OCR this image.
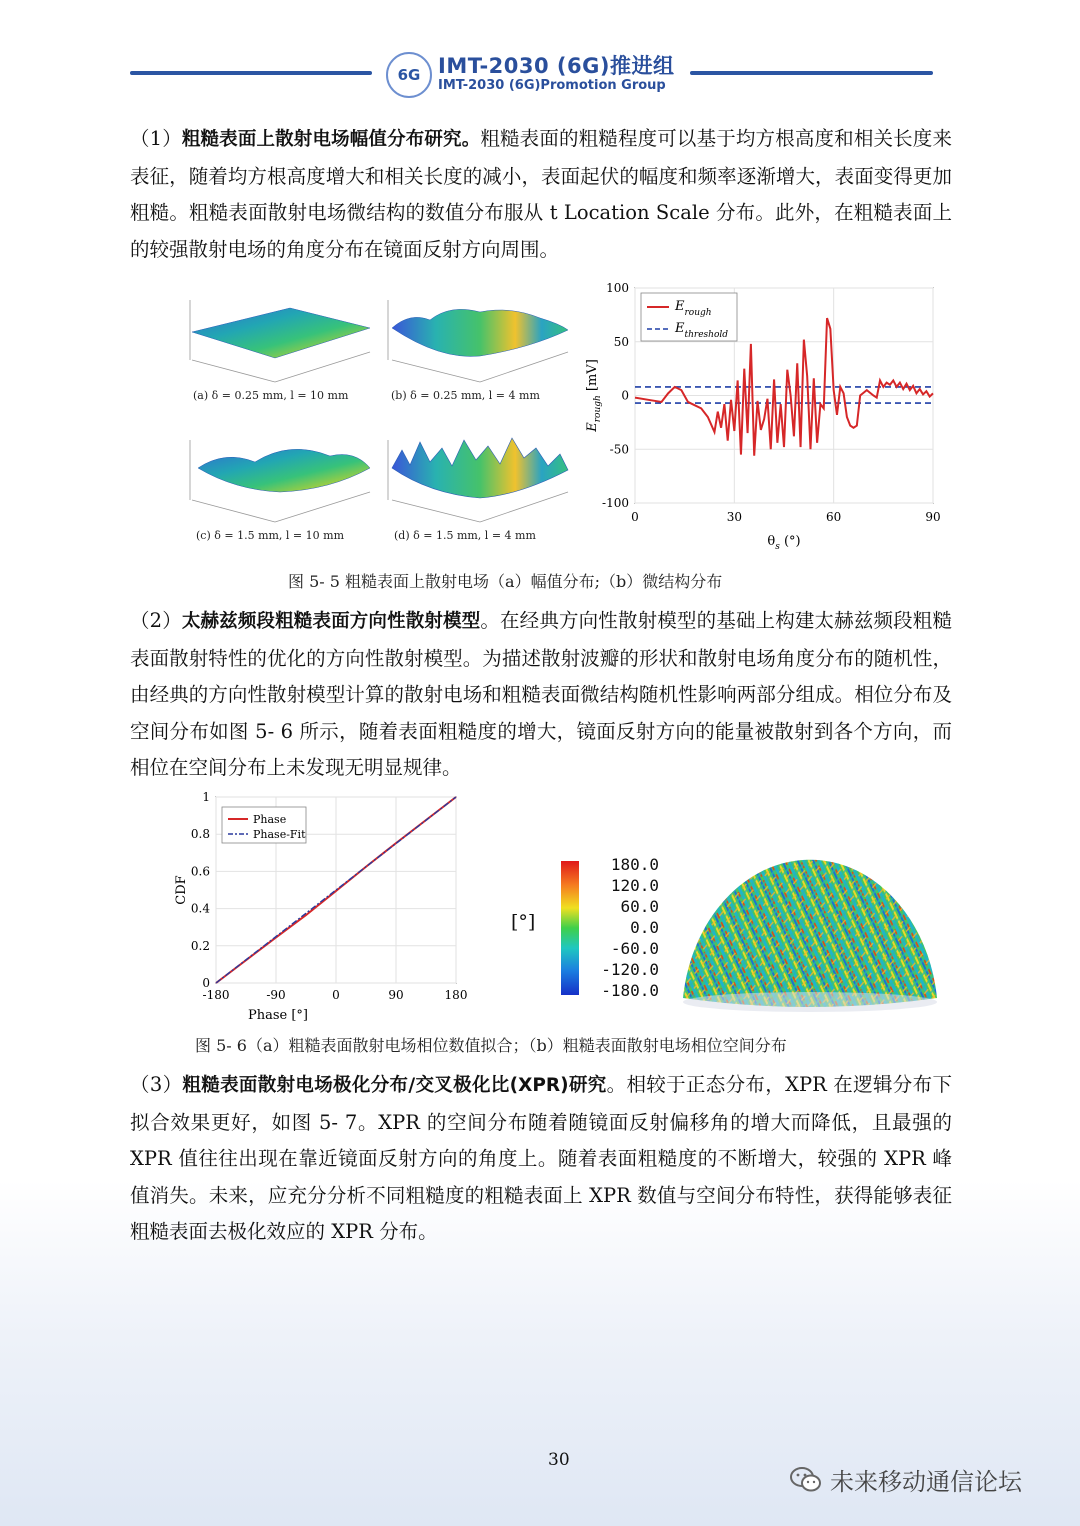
6G IMT-2030 (6G)推进组
IMT-2030 (6G)Promotion Group
（1）粗糙表面上散射电场幅值分布研究。粗糙表面的粗糙程度可以基于均方根高度和相关长度来表征，随着均方根高度增大和相关长度的减小，表面起伏的幅度和频率逐渐增大，表面变得更加粗糙。粗糙表面散射电场微结构的数值分布服从 t Location Scale 分布。此外，在粗糙表面上的较强散射电场的角度分布在镜面反射方向周围。
(a) δ = 0.25 mm, l = 10 mm	(b) δ = 0.25 mm, l = 4 mm
(c) δ = 1.5 mm, l = 10 mm	(d) δ = 1.5 mm, l = 4 mm
0	30	60	90
-100
-50
0
50
100
$E_{rough}$
$E_{threshold}$
$\theta_s$ (°)
$E_{rough}$ [mV]
图 5- 5 粗糙表面上散射电场（a）幅值分布;（b）微结构分布
（2）太赫兹频段粗糙表面方向性散射模型。在经典方向性散射模型的基础上构建太赫兹频段粗糙表面散射特性的优化的方向性散射模型。为描述散射波瓣的形状和散射电场角度分布的随机性，由经典的方向性散射模型计算的散射电场和粗糙表面微结构随机性影响两部分组成。相位分布及空间分布如图 5- 6 所示，随着表面粗糙度的增大，镜面反射方向的能量被散射到各个方向，而相位在空间分布上未发现无明显规律。
-180	-90	0	90	180
0
0.2
0.4
0.6
0.8
1
Phase
Phase-Fit
Phase [°]
CDF
[°]
180.0
120.0
60.0
0.0
-60.0
-120.0
-180.0
图 5- 6（a）粗糙表面散射电场相位数值拟合；（b）粗糙表面散射电场相位空间分布
（3）粗糙表面散射电场极化分布/交叉极化比(XPR)研究。相较于正态分布，XPR 在逻辑分布下拟合效果更好，如图 5- 7。XPR 的空间分布随着随镜面反射偏移角的增大而降低，且最强的 XPR 值往往出现在靠近镜面反射方向的角度上。随着表面粗糙度的不断增大，较强的 XPR 峰值消失。未来，应充分分析不同粗糙度的粗糙表面上 XPR 数值与空间分布特性，获得能够表征粗糙表面去极化效应的 XPR 分布。
30
未来移动通信论坛
